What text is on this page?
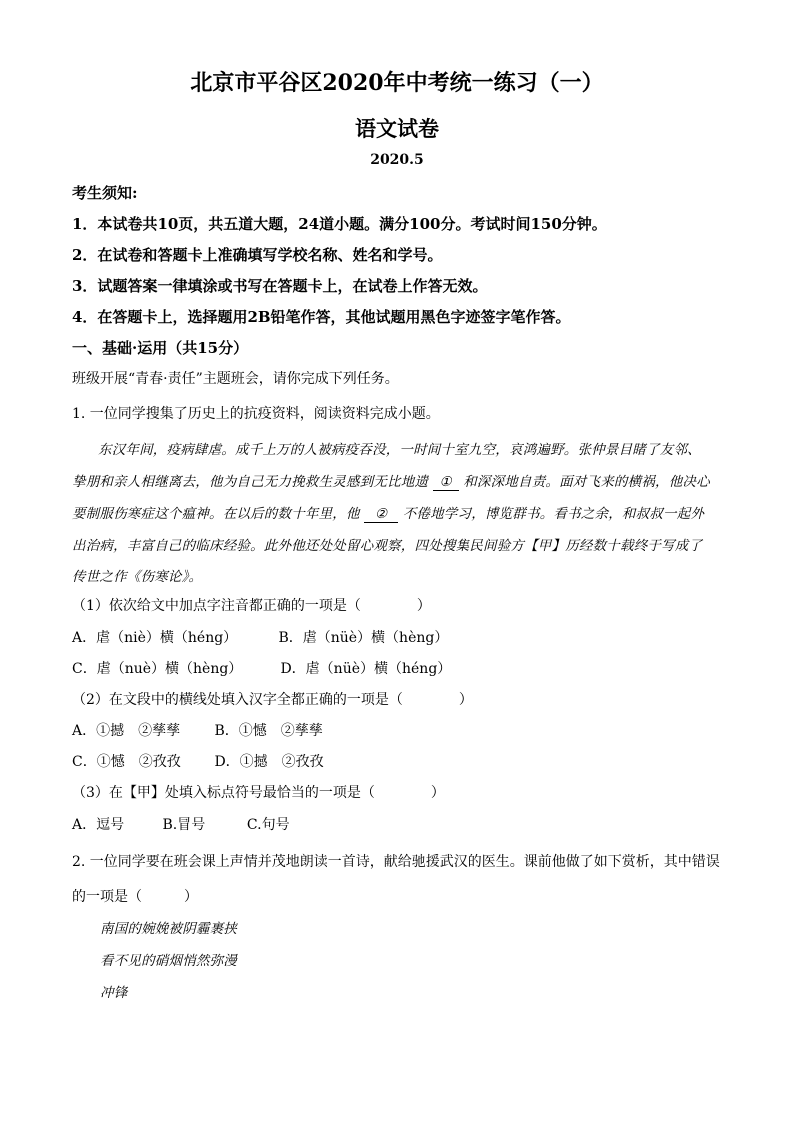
北京市平谷区2020年中考统一练习（一）
语文试卷
2020.5
考生须知:
1．本试卷共10页，共五道大题，24道小题。满分100分。考试时间150分钟。
2．在试卷和答题卡上准确填写学校名称、姓名和学号。
3．试题答案一律填涂或书写在答题卡上，在试卷上作答无效。
4．在答题卡上，选择题用2B铅笔作答，其他试题用黑色字迹签字笔作答。
一、基础·运用（共15分）
班级开展“青春·责任”主题班会，请你完成下列任务。
1. 一位同学搜集了历史上的抗疫资料，阅读资料完成小题。
东汉年间，疫病肆虐。成千上万的人被病疫吞没，一时间十室九空，哀鸿遍野。张仲景目睹了友邻、
挚朋和亲人相继离去，他为自己无力挽救生灵感到无比地遗 ① 和深深地自责。面对飞来的横祸，他决心
要制服伤寒症这个瘟神。在以后的数十年里，他 ② 不倦地学习，博览群书。看书之余，和叔叔一起外
出治病，丰富自己的临床经验。此外他还处处留心观察，四处搜集民间验方【甲】历经数十载终于写成了
传世之作《伤寒论》。
（1）依次给文中加点字注音都正确的一项是（　　　　）
A．虐（niè）横（héng）	B．虐（nüè）横（hèng）
C．虐（nuè）横（hèng）	D．虐（nüè）横（héng）
（2）在文段中的横线处填入汉字全都正确的一项是（　　　　）
A．①撼　②孳孳 B．①憾　②孳孳
C．①憾　②孜孜 D．①撼　②孜孜
（3）在【甲】处填入标点符号最恰当的一项是（　　　　）
A．逗号	B.冒号	C.句号
2. 一位同学要在班会课上声情并茂地朗读一首诗，献给驰援武汉的医生。课前他做了如下赏析，其中错误
的一项是（　　　）
南国的婉娩被阴霾裹挟
看不见的硝烟悄然弥漫
冲锋
